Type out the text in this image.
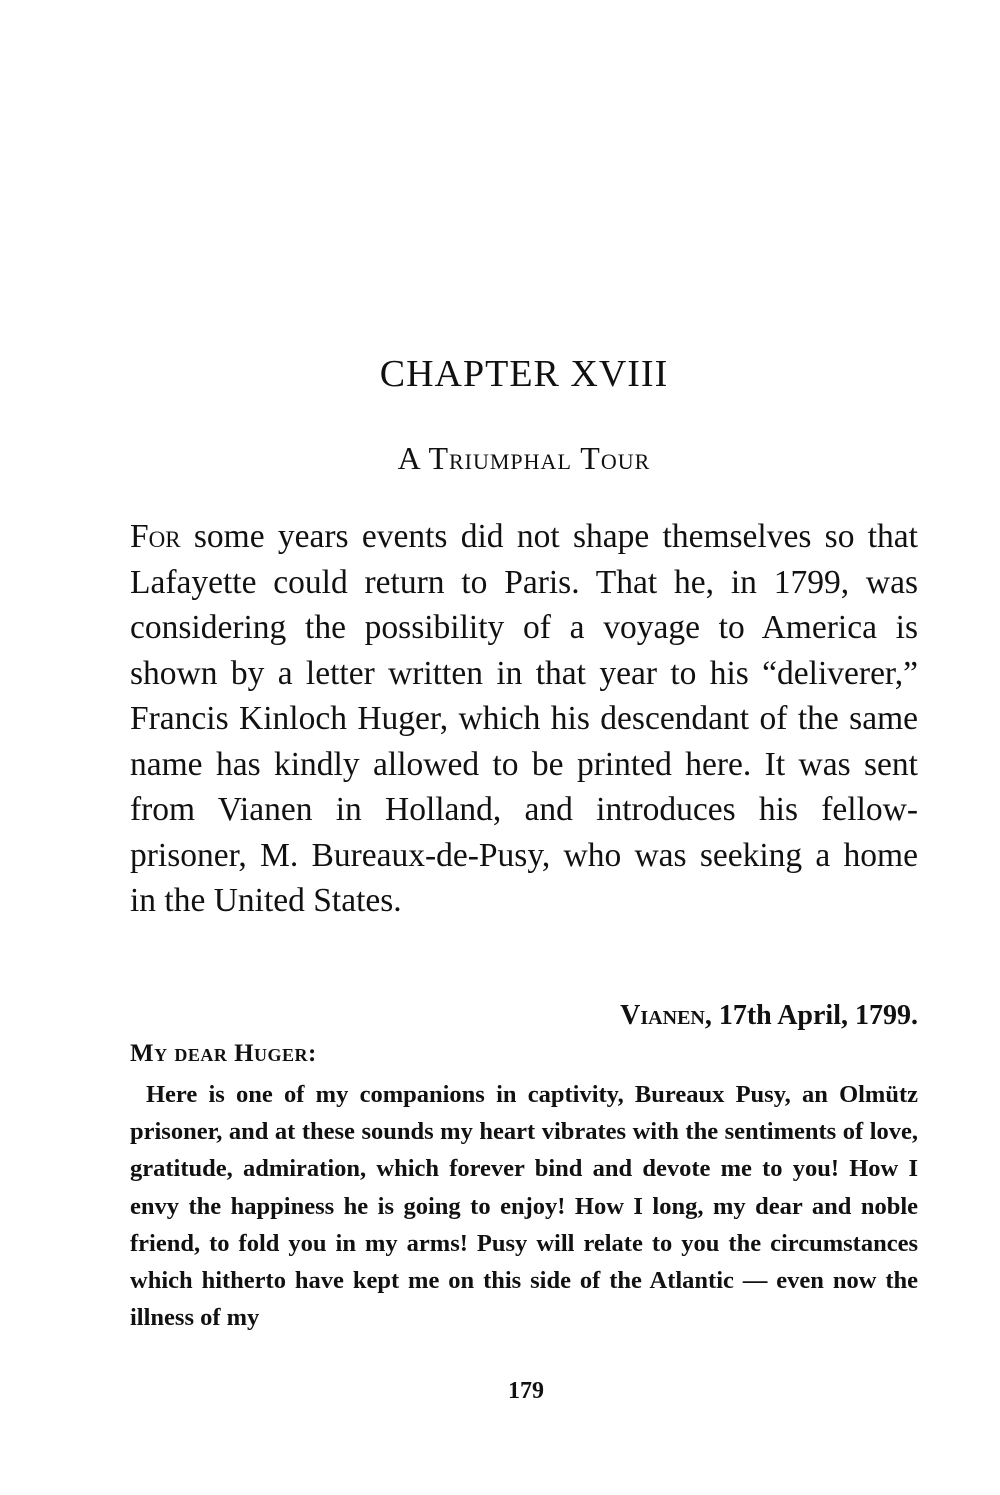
CHAPTER XVIII
A Triumphal Tour

For some years events did not shape themselves so that Lafayette could return to Paris. That he, in 1799, was considering the possibility of a voyage to America is shown by a letter written in that year to his “deliverer,” Francis Kinloch Huger, which his descendant of the same name has kindly allowed to be printed here. It was sent from Vianen in Holland, and introduces his fellow-prisoner, M. Bureaux-de-Pusy, who was seeking a home in the United States.

Vianen, 17th April, 1799.

My dear Huger:

Here is one of my companions in captivity, Bureaux Pusy, an Olmütz prisoner, and at these sounds my heart vibrates with the sentiments of love, gratitude, admiration, which forever bind and devote me to you! How I envy the happiness he is going to enjoy! How I long, my dear and noble friend, to fold you in my arms! Pusy will relate to you the circumstances which hitherto have kept me on this side of the Atlantic — even now the illness of my

179
